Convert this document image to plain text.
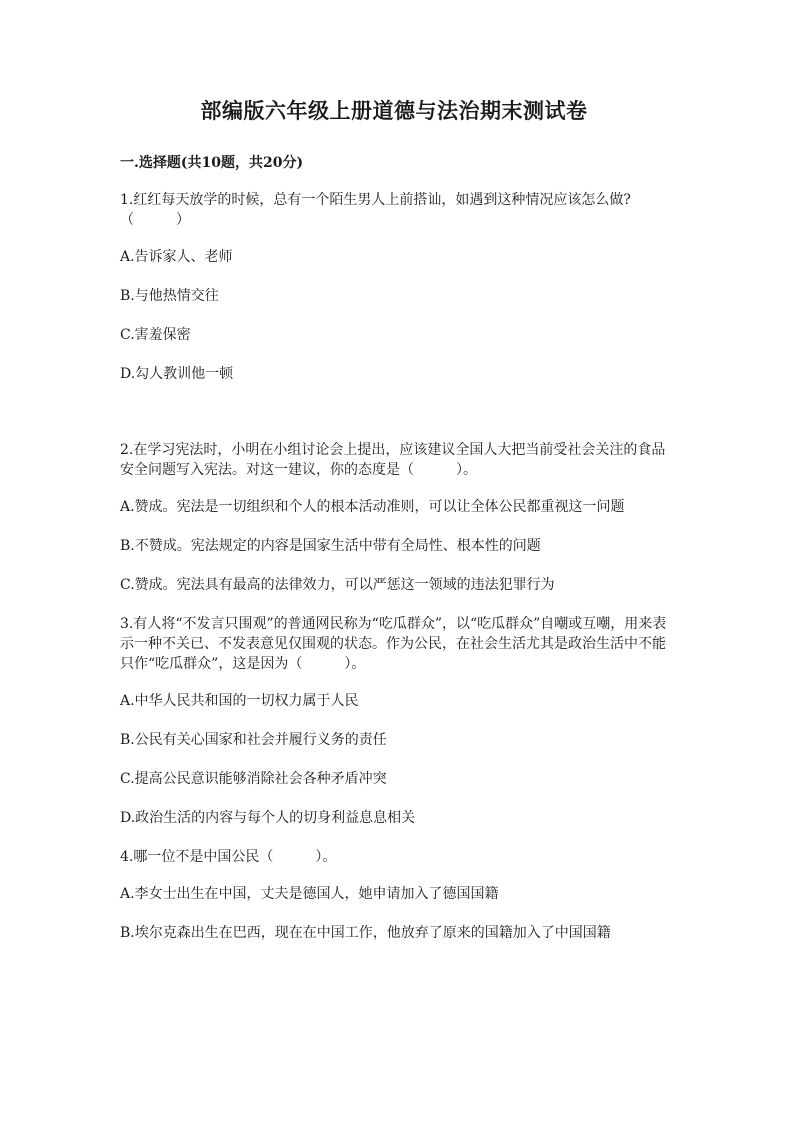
部编版六年级上册道德与法治期末测试卷
一.选择题(共10题，共20分)
1.红红每天放学的时候，总有一个陌生男人上前搭讪，如遇到这种情况应该怎么做?（　　　）
A.告诉家人、老师
B.与他热情交往
C.害羞保密
D.勾人教训他一顿
2.在学习宪法时，小明在小组讨论会上提出，应该建议全国人大把当前受社会关注的食品安全问题写入宪法。对这一建议，你的态度是（　　　）。
A.赞成。宪法是一切组织和个人的根本活动准则，可以让全体公民都重视这一问题
B.不赞成。宪法规定的内容是国家生活中带有全局性、根本性的问题
C.赞成。宪法具有最高的法律效力，可以严惩这一领域的违法犯罪行为
3.有人将“不发言只围观”的普通网民称为“吃瓜群众”，以“吃瓜群众”自嘲或互嘲，用来表示一种不关已、不发表意见仅围观的状态。作为公民，在社会生活尤其是政治生活中不能只作“吃瓜群众”，这是因为（　　　）。
A.中华人民共和国的一切权力属于人民
B.公民有关心国家和社会并履行义务的责任
C.提高公民意识能够消除社会各种矛盾冲突
D.政治生活的内容与每个人的切身利益息息相关
4.哪一位不是中国公民（　　　）。
A.李女士出生在中国，丈夫是德国人，她申请加入了德国国籍
B.埃尔克森出生在巴西，现在在中国工作，他放弃了原来的国籍加入了中国国籍
